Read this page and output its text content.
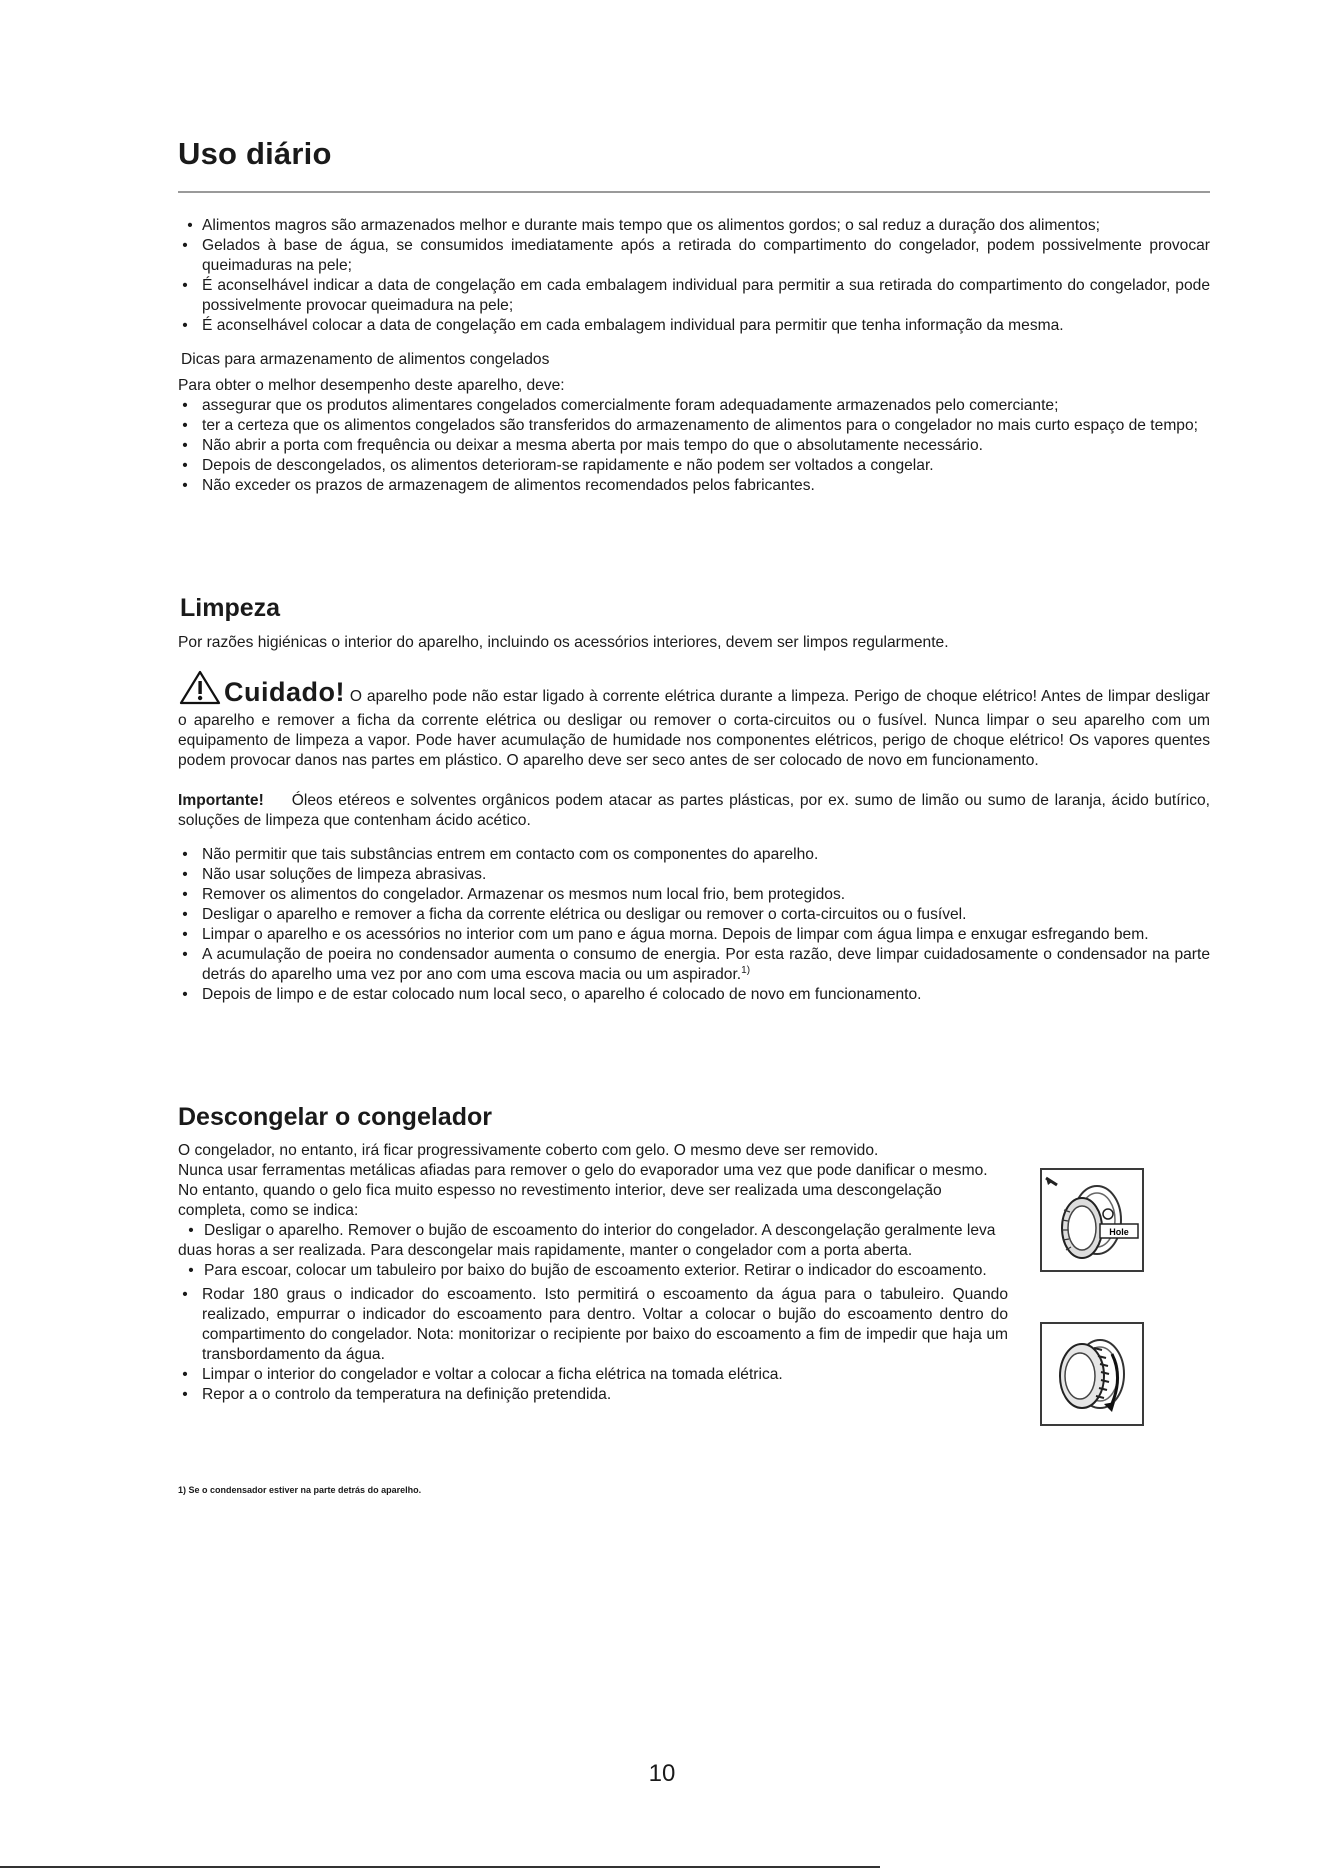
Uso diário

• Alimentos magros são armazenados melhor e durante mais tempo que os alimentos gordos; o sal reduz a duração dos alimentos;

• Gelados à base de água, se consumidos imediatamente após a retirada do compartimento do congelador, podem possivelmente provocar queimaduras na pele;

• É aconselhável indicar a data de congelação em cada embalagem individual para permitir a sua retirada do compartimento do congelador, pode possivelmente provocar queimadura na pele;

• É aconselhável colocar a data de congelação em cada embalagem individual para permitir que tenha informação da mesma.

Dicas para armazenamento de alimentos congelados

Para obter o melhor desempenho deste aparelho, deve:

• assegurar que os produtos alimentares congelados comercialmente foram adequadamente armazenados pelo comerciante;

• ter a certeza que os alimentos congelados são transferidos do armazenamento de alimentos para o congelador no mais curto espaço de tempo;

• Não abrir a porta com frequência ou deixar a mesma aberta por mais tempo do que o absolutamente necessário.

• Depois de descongelados, os alimentos deterioram-se rapidamente e não podem ser voltados a congelar.

• Não exceder os prazos de armazenagem de alimentos recomendados pelos fabricantes.

Limpeza

Por razões higiénicas o interior do aparelho, incluindo os acessórios interiores, devem ser limpos regularmente.

Cuidado! O aparelho pode não estar ligado à corrente elétrica durante a limpeza. Perigo de choque elétrico! Antes de limpar desligar o aparelho e remover a ficha da corrente elétrica ou desligar ou remover o corta-circuitos ou o fusível. Nunca limpar o seu aparelho com um equipamento de limpeza a vapor. Pode haver acumulação de humidade nos componentes elétricos, perigo de choque elétrico! Os vapores quentes podem provocar danos nas partes em plástico. O aparelho deve ser seco antes de ser colocado de novo em funcionamento.

Importante! Óleos etéreos e solventes orgânicos podem atacar as partes plásticas, por ex. sumo de limão ou sumo de laranja, ácido butírico, soluções de limpeza que contenham ácido acético.

• Não permitir que tais substâncias entrem em contacto com os componentes do aparelho.

• Não usar soluções de limpeza abrasivas.

• Remover os alimentos do congelador. Armazenar os mesmos num local frio, bem protegidos.

• Desligar o aparelho e remover a ficha da corrente elétrica ou desligar ou remover o corta-circuitos ou o fusível.

• Limpar o aparelho e os acessórios no interior com um pano e água morna. Depois de limpar com água limpa e enxugar esfregando bem.

• A acumulação de poeira no condensador aumenta o consumo de energia. Por esta razão, deve limpar cuidadosamente o condensador na parte detrás do aparelho uma vez por ano com uma escova macia ou um aspirador.$^{1)}$

• Depois de limpo e de estar colocado num local seco, o aparelho é colocado de novo em funcionamento.

Descongelar o congelador

O congelador, no entanto, irá ficar progressivamente coberto com gelo. O mesmo deve ser removido.

Nunca usar ferramentas metálicas afiadas para remover o gelo do evaporador uma vez que pode danificar o mesmo.

No entanto, quando o gelo fica muito espesso no revestimento interior, deve ser realizada uma descongelação completa, como se indica:

• Desligar o aparelho. Remover o bujão de escoamento do interior do congelador. A descongelação geralmente leva duas horas a ser realizada. Para descongelar mais rapidamente, manter o congelador com a porta aberta.

• Para escoar, colocar um tabuleiro por baixo do bujão de escoamento exterior. Retirar o indicador do escoamento.

• Rodar 180 graus o indicador do escoamento. Isto permitirá o escoamento da água para o tabuleiro. Quando realizado, empurrar o indicador do escoamento para dentro. Voltar a colocar o bujão do escoamento dentro do compartimento do congelador. Nota: monitorizar o recipiente por baixo do escoamento a fim de impedir que haja um transbordamento da água.

• Limpar o interior do congelador e voltar a colocar a ficha elétrica na tomada elétrica.

• Repor a o controlo da temperatura na definição pretendida.

Hole
1) Se o condensador estiver na parte detrás do aparelho.
10
